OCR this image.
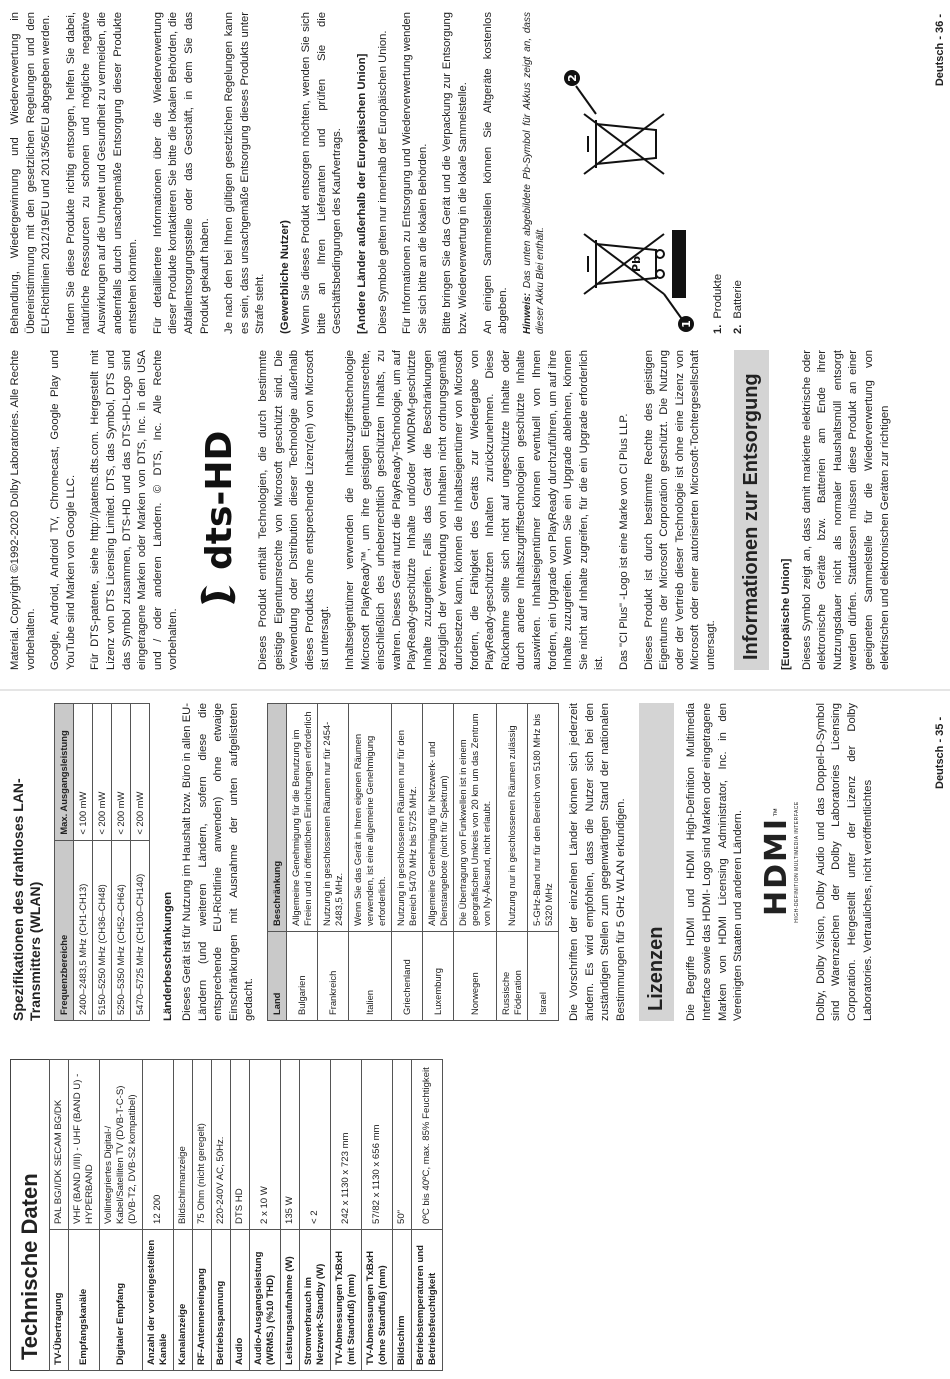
Technische Daten	TV-Übertragung	PAL BG/I/DK SECAM BG/DK
Empfangskanäle	VHF (BAND I/III) - UHF (BAND U) - HYPERBAND
Digitaler Empfang	Vollintegriertes Digital-/ Kabel/Satelliten TV (DVB-T-C-S) (DVB-T2, DVB-S2 kompatibel)
Anzahl der voreingestellten Kanäle	12 200
Kanalanzeige	Bildschirmanzeige
RF-Antenneneingang	75 Ohm (nicht geregelt)
Betriebsspannung	220-240V AC, 50Hz.
Audio	DTS HD
Audio-Ausgangsleistung (WRMS.) (%10 THD)	2 x 10 W
Leistungsaufnahme (W)	135 W
Stromverbrauch im Netzwerk-Standby (W)	< 2
TV-Abmessungen TxBxH (mit Standfuß) (mm)	242 x 1130 x 723 mm
TV-Abmessungen TxBxH (ohne Standfuß) (mm)	57/82 x 1130 x 656 mm
Bildschirm	50"
Betriebstemperaturen und Betriebsfeuchtigkeit	0ºC bis 40ºC, max. 85% Feuchtigkeit
Spezifikationen des drahtloses LAN-Transmitters (WLAN) Frequenzbereiche	Max. Ausgangsleistung
2400–2483,5 MHz (CH1-CH13)	< 100 mW
5150–5250 MHz (CH36–CH48)	< 200 mW
5250–5350 MHz (CH52–CH64)	< 200 mW
5470–5725 MHz (CH100–CH140)	< 200 mW
Länderbeschränkungen Dieses Gerät ist für Nutzung im Haushalt bzw. Büro in allen EU-Ländern (und weiteren Ländern, sofern diese die entsprechende EU-Richtlinie anwenden) ohne etwaige Einschränkungen mit Ausnahme der unten aufgelisteten gedacht. Land	Beschränkung
Bulgarien	Allgemeine Genehmigung für die Benutzung im Freien und in öffentlichen Einrichtungen erforderlich
Frankreich	Nutzung in geschlossenen Räumen nur für 2454-2483,5 MHz.
Italien	Wenn Sie das Gerät in Ihren eigenen Räumen verwenden, ist eine allgemeine Genehmigung erforderlich.
Griechenland	Nutzung in geschlossenen Räumen nur für den Bereich 5470 MHz bis 5725 MHz.
Luxemburg	Allgemeine Genehmigung für Netzwerk- und Dienstangebote (nicht für Spektrum)
Norwegen	Die Übertragung von Funkwellen ist in einem geografischen Umkreis von 20 km um das Zentrum von Ny-Ålesund, nicht erlaubt.
Russische Föderation	Nutzung nur in geschlossenen Räumen zulässig
Israel	5-GHz-Band nur für den Bereich von 5180 MHz bis 5320 MHz Die Vorschriften der einzelnen Länder können sich jederzeit ändern. Es wird empfohlen, dass die Nutzer sich bei den zuständigen Stellen zum gegenwärtigen Stand der nationalen Bestimmungen für 5 GHz WLAN erkundigen. Lizenzen	Die Begriffe HDMI und HDMI High-Definition Multimedia Interface sowie das HDMI- Logo sind Marken oder eingetragene Marken von HDMI Licensing Administrator, Inc. in den Vereinigten Staaten und anderen Ländern. HDMI™ HIGH-DEFINITION MULTIMEDIA INTERFACE Dolby, Dolby Vision, Dolby Audio und das Doppel-D-Symbol sind Warenzeichen der Dolby Laboratories Licensing Corporation. Hergestellt unter der Lizenz der Dolby Laboratories. Vertrauliches, nicht veröffentlichtes

Deutsch - 35 -

Material. Copyright ©1992-2020 Dolby Laboratories. Alle Rechte vorbehalten. Google, Android, Android TV, Chromecast, Google Play und YouTube sind Marken von Google LLC. Für DTS-patente, siehe http://patents.dts.com. Hergestellt mit Lizenz von DTS Licensing Limited. DTS, das Symbol, DTS und das Symbol zusammen, DTS-HD und das DTS-HD-Logo sind eingetragene Marken oder Marken von DTS, Inc. in den USA und / oder anderen Ländern. © DTS, Inc. Alle Rechte vorbehalten.

dts-HD Dieses Produkt enthält Technologien, die durch bestimmte geistige Eigentumsrechte von Microsoft geschützt sind. Die Verwendung oder Distribution dieser Technologie außerhalb dieses Produkts ohne entsprechende Lizenz(en) von Microsoft ist untersagt. Inhaltseigentümer verwenden die Inhaltszugriffstechnologie Microsoft PlayReady™, um ihre geistigen Eigentumsrechte, einschließlich des urheberrechtlich geschützten Inhalts, zu wahren. Dieses Gerät nutzt die PlayReady-Technologie, um auf PlayReady-geschützte Inhalte und/oder WMDRM-geschützte Inhalte zuzugreifen. Falls das Gerät die Beschränkungen bezüglich der Verwendung von Inhalten nicht ordnungsgemäß durchsetzen kann, können die Inhaltseigentümer von Microsoft fordern, die Fähigkeit des Geräts zur Wiedergabe von PlayReady-geschützten Inhalten zurückzunehmen. Diese Rücknahme sollte sich nicht auf ungeschützte Inhalte oder durch andere Inhaltszugriffstechnologien geschützte Inhalte auswirken. Inhaltseigentümer können eventuell von Ihnen fordern, ein Upgrade von PlayReady durchzuführen, um auf ihre Inhalte zuzugreifen. Wenn Sie ein Upgrade ablehnen, können Sie nicht auf Inhalte zugreifen, für die ein Upgrade erforderlich ist. Das "CI Plus" -Logo ist eine Marke von CI Plus LLP. Dieses Produkt ist durch bestimmte Rechte des geistigen Eigentums der Microsoft Corporation geschützt. Die Nutzung oder der Vertrieb dieser Technologie ist ohne eine Lizenz von Microsoft oder einer autorisierten Microsoft-Tochtergesellschaft untersagt.	Informationen zur Entsorgung	[Europäische Union] Dieses Symbol zeigt an, dass damit markierte elektrische oder elektronische Geräte bzw. Batterien am Ende ihrer Nutzungsdauer nicht als normaler Haushaltsmüll entsorgt werden dürfen. Stattdessen müssen diese Produkt an einer geeigneten Sammelstelle für die Wiederverwertung von elektrischen und elektronischen Geräten zur richtigen

Behandlung, Wiedergewinnung und Wiederverwertung in Übereinstimmung mit den gesetzlichen Regelungen und den EU-Richtlinien 2012/19/EU und 2013/56/EU abgegeben werden. Indem Sie diese Produkte richtig entsorgen, helfen Sie dabei, natürliche Ressourcen zu schonen und mögliche negative Auswirkungen auf die Umwelt und Gesundheit zu vermeiden, die andernfalls durch unsachgemäße Entsorgung dieser Produkte entstehen könnten. Für detailliertere Informationen über die Wiederverwertung dieser Produkte kontaktieren Sie bitte die lokalen Behörden, die Abfallentsorgungsstelle oder das Geschäft, in dem Sie das Produkt gekauft haben. Je nach den bei Ihnen gültigen gesetzlichen Regelungen kann es sein, dass unsachgemäße Entsorgung dieses Produkts unter Strafe steht. (Gewerbliche Nutzer) Wenn Sie dieses Produkt entsorgen möchten, wenden Sie sich bitte an Ihren Lieferanten und prüfen Sie die Geschäftsbedingungen des Kaufvertrags. [Andere Länder außerhalb der Europäischen Union] Diese Symbole gelten nur innerhalb der Europäischen Union. Für Informationen zu Entsorgung und Wiederverwertung wenden Sie sich bitte an die lokalen Behörden. Bitte bringen Sie das Gerät und die Verpackung zur Entsorgung bzw. Wiederverwertung in die lokale Sammelstelle. An einigen Sammelstellen können Sie Altgeräte kostenlos abgeben. Hinweis: Das unten abgebildete Pb-Symbol für Akkus zeigt an, dass dieser Akku Blei enthält.	Pb
1
2
1.Produkte
2.Batterie
Deutsch - 36 -
